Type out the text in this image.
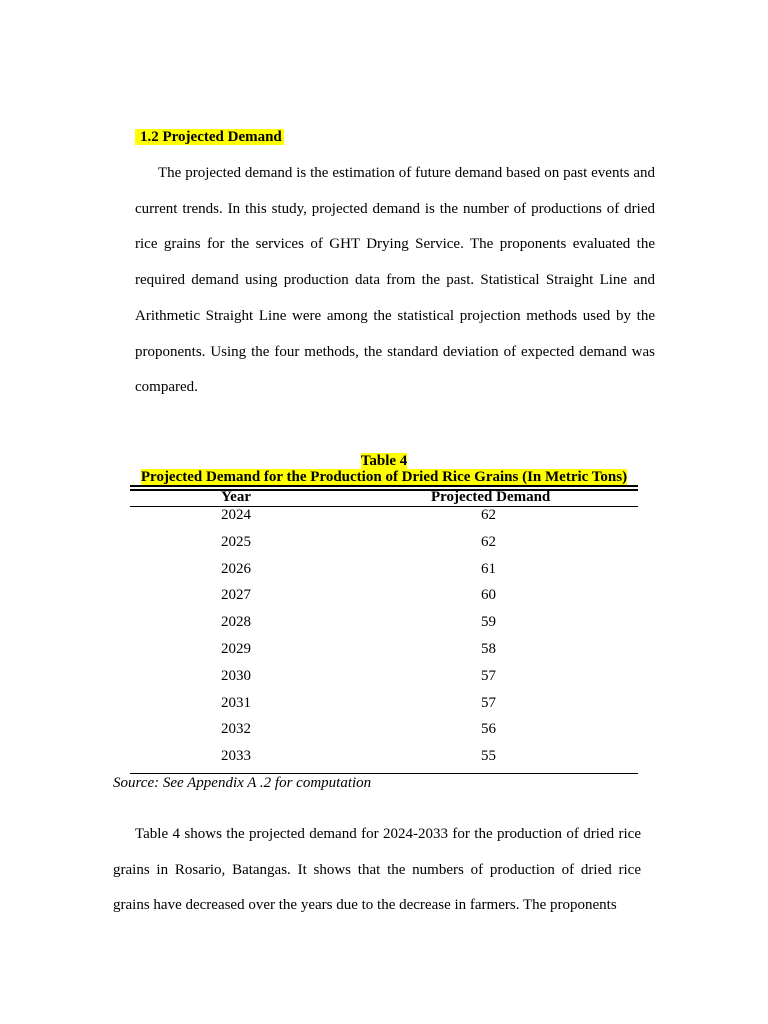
1.2 Projected Demand

The projected demand is the estimation of future demand based on past events and current trends. In this study, projected demand is the number of productions of dried rice grains for the services of GHT Drying Service. The proponents evaluated the required demand using production data from the past. Statistical Straight Line and Arithmetic Straight Line were among the statistical projection methods used by the proponents. Using the four methods, the standard deviation of expected demand was compared.

Table 4
Projected Demand for the Production of Dried Rice Grains (In Metric Tons)
Year	Projected Demand
2024	62
2025	62
2026	61
2027	60
2028	59
2029	58
2030	57
2031	57
2032	56
2033	55
Source: See Appendix A .2 for computation

Table 4 shows the projected demand for 2024-2033 for the production of dried rice grains in Rosario, Batangas. It shows that the numbers of production of dried rice grains have decreased over the years due to the decrease in farmers. The proponents
